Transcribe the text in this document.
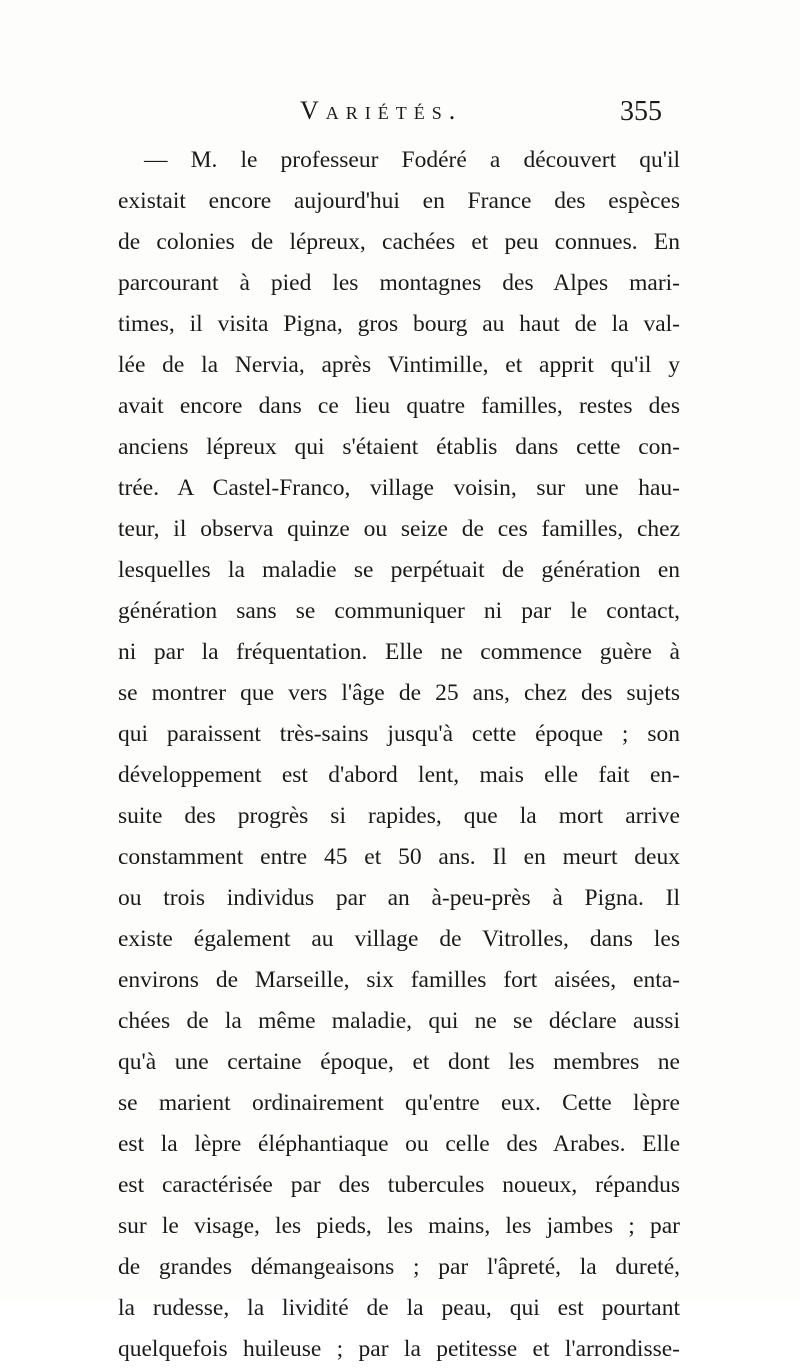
Variétés.	355
— M. le professeur Fodéré a découvert qu'il
existait encore aujourd'hui en France des espèces
de colonies de lépreux, cachées et peu connues. En
parcourant à pied les montagnes des Alpes mari-
times, il visita Pigna, gros bourg au haut de la val-
lée de la Nervia, après Vintimille, et apprit qu'il y
avait encore dans ce lieu quatre familles, restes des
anciens lépreux qui s'étaient établis dans cette con-
trée. A Castel-Franco, village voisin, sur une hau-
teur, il observa quinze ou seize de ces familles, chez
lesquelles la maladie se perpétuait de génération en
génération sans se communiquer ni par le contact,
ni par la fréquentation. Elle ne commence guère à
se montrer que vers l'âge de 25 ans, chez des sujets
qui paraissent très-sains jusqu'à cette époque ; son
développement est d'abord lent, mais elle fait en-
suite des progrès si rapides, que la mort arrive
constamment entre 45 et 50 ans. Il en meurt deux
ou trois individus par an à-peu-près à Pigna. Il
existe également au village de Vitrolles, dans les
environs de Marseille, six familles fort aisées, enta-
chées de la même maladie, qui ne se déclare aussi
qu'à une certaine époque, et dont les membres ne
se marient ordinairement qu'entre eux. Cette lèpre
est la lèpre éléphantiaque ou celle des Arabes. Elle
est caractérisée par des tubercules noueux, répandus
sur le visage, les pieds, les mains, les jambes ; par
de grandes démangeaisons ; par l'âpreté, la dureté,
la rudesse, la lividité de la peau, qui est pourtant
quelquefois huileuse ; par la petitesse et l'arrondisse-
